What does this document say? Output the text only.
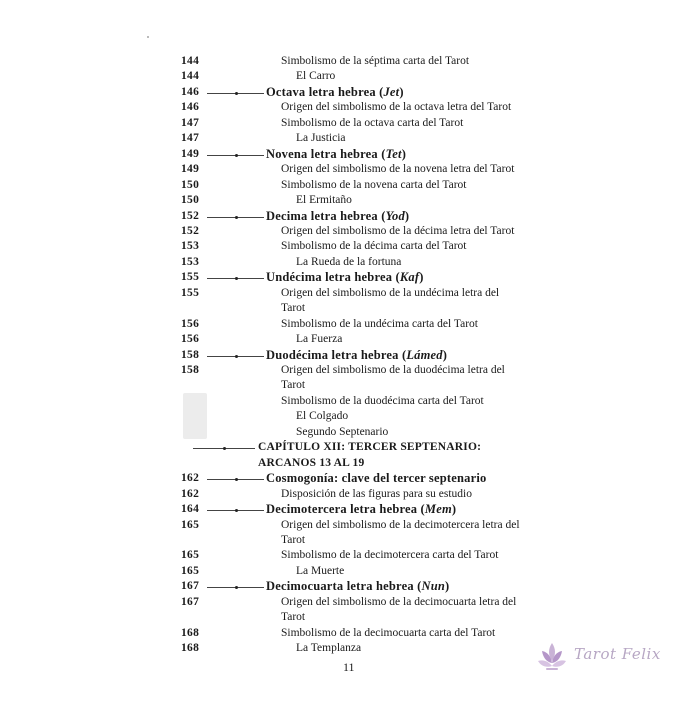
144	Simbolismo de la séptima carta del Tarot
144	El Carro
146	Octava letra hebrea (Jet)
146	Origen del simbolismo de la octava letra del Tarot
147	Simbolismo de la octava carta del Tarot
147	La Justicia
149	Novena letra hebrea (Tet)
149	Origen del simbolismo de la novena letra del Tarot
150	Simbolismo de la novena carta del Tarot
150	El Ermitaño
152	Decima letra hebrea (Yod)
152	Origen del simbolismo de la décima letra del Tarot
153	Simbolismo de la décima carta del Tarot
153	La Rueda de la fortuna
155	Undécima letra hebrea (Kaf)
155	Origen del simbolismo de la undécima letra del
Tarot
156	Simbolismo de la undécima carta del Tarot
156	La Fuerza
158	Duodécima letra hebrea (Lámed)
158	Origen del simbolismo de la duodécima letra del
Tarot
Simbolismo de la duodécima carta del Tarot
El Colgado
Segundo Septenario
CAPÍTULO XII: TERCER SEPTENARIO:
ARCANOS 13 AL 19
162	Cosmogonía: clave del tercer septenario
162	Disposición de las figuras para su estudio
164	Decimotercera letra hebrea (Mem)
165	Origen del simbolismo de la decimotercera letra del
Tarot
165	Simbolismo de la decimotercera carta del Tarot
165	La Muerte
167	Decimocuarta letra hebrea (Nun)
167	Origen del simbolismo de la decimocuarta letra del
Tarot
168	Simbolismo de la decimocuarta carta del Tarot
168	La Templanza
11
Tarot Felix
